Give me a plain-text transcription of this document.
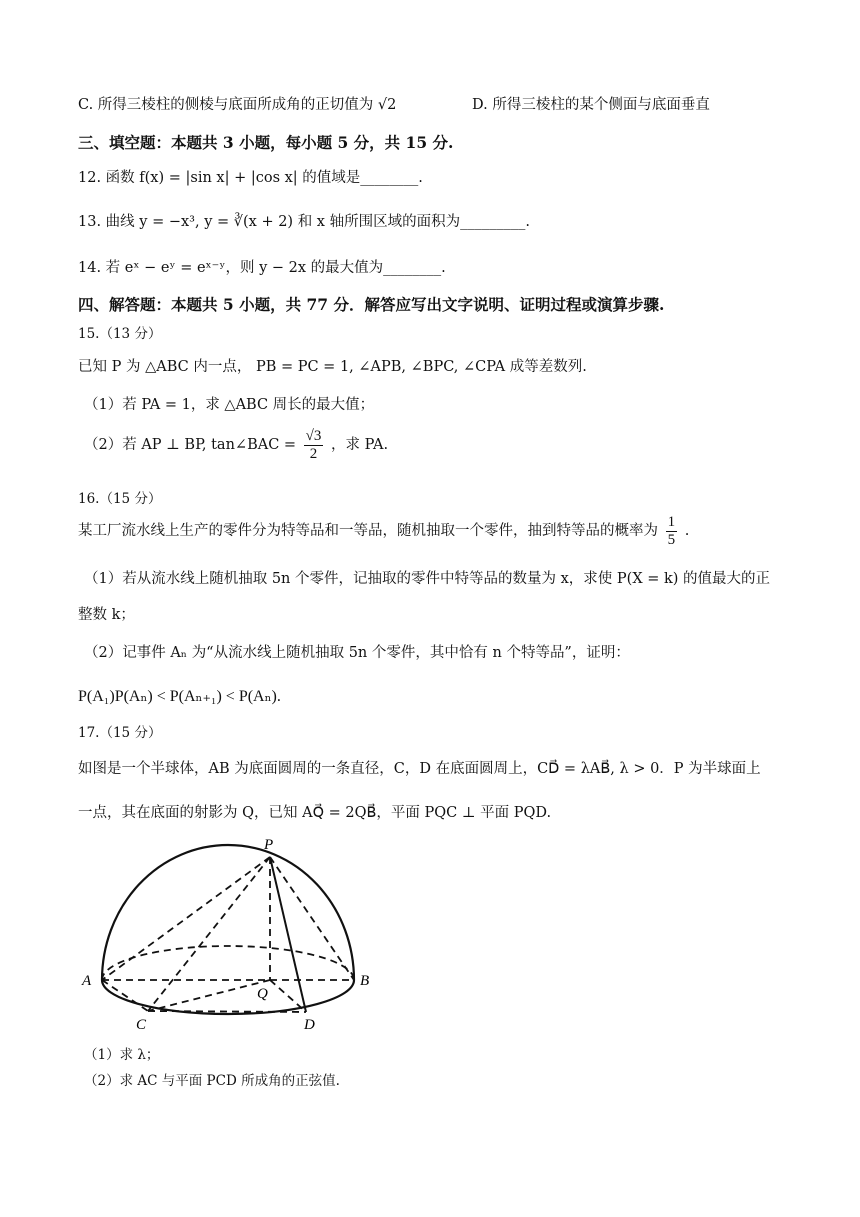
C. 所得三棱柱的侧棱与底面所成角的正切值为 √2	D. 所得三棱柱的某个侧面与底面垂直
三、填空题：本题共 3 小题，每小题 5 分，共 15 分.
12. 函数 f(x) = |sin x| + |cos x| 的值域是________.
13. 曲线 y = −x³, y = ∛(x + 2) 和 x 轴所围区域的面积为_________.
14. 若 eˣ − eʸ = eˣ⁻ʸ，则 y − 2x 的最大值为________.
四、解答题：本题共 5 小题，共 77 分．解答应写出文字说明、证明过程或演算步骤.
15.（13 分）
已知 P 为 △ABC 内一点， PB = PC = 1, ∠APB, ∠BPC, ∠CPA 成等差数列.
（1）若 PA = 1，求 △ABC 周长的最大值；
（2）若 AP ⊥ BP, tan∠BAC = $\frac{√3}{2}$ ，求 PA.
16.（15 分）
某工厂流水线上生产的零件分为特等品和一等品，随机抽取一个零件，抽到特等品的概率为 $\frac{1}{5}$ .
（1）若从流水线上随机抽取 5n 个零件，记抽取的零件中特等品的数量为 x，求使 P(X = k) 的值最大的正
整数 k；
（2）记事件 Aₙ 为“从流水线上随机抽取 5n 个零件，其中恰有 n 个特等品”，证明：
P(A₁)P(Aₙ) < P(Aₙ₊₁) < P(Aₙ).
17.（15 分）
如图是一个半球体，AB 为底面圆周的一条直径，C，D 在底面圆周上，CD⃗ = λAB⃗, λ > 0．P 为半球面上
一点，其在底面的射影为 Q，已知 AQ⃗ = 2QB⃗，平面 PQC ⊥ 平面 PQD.
P
A	B
Q
C	D
（1）求 λ；
（2）求 AC 与平面 PCD 所成角的正弦值.
